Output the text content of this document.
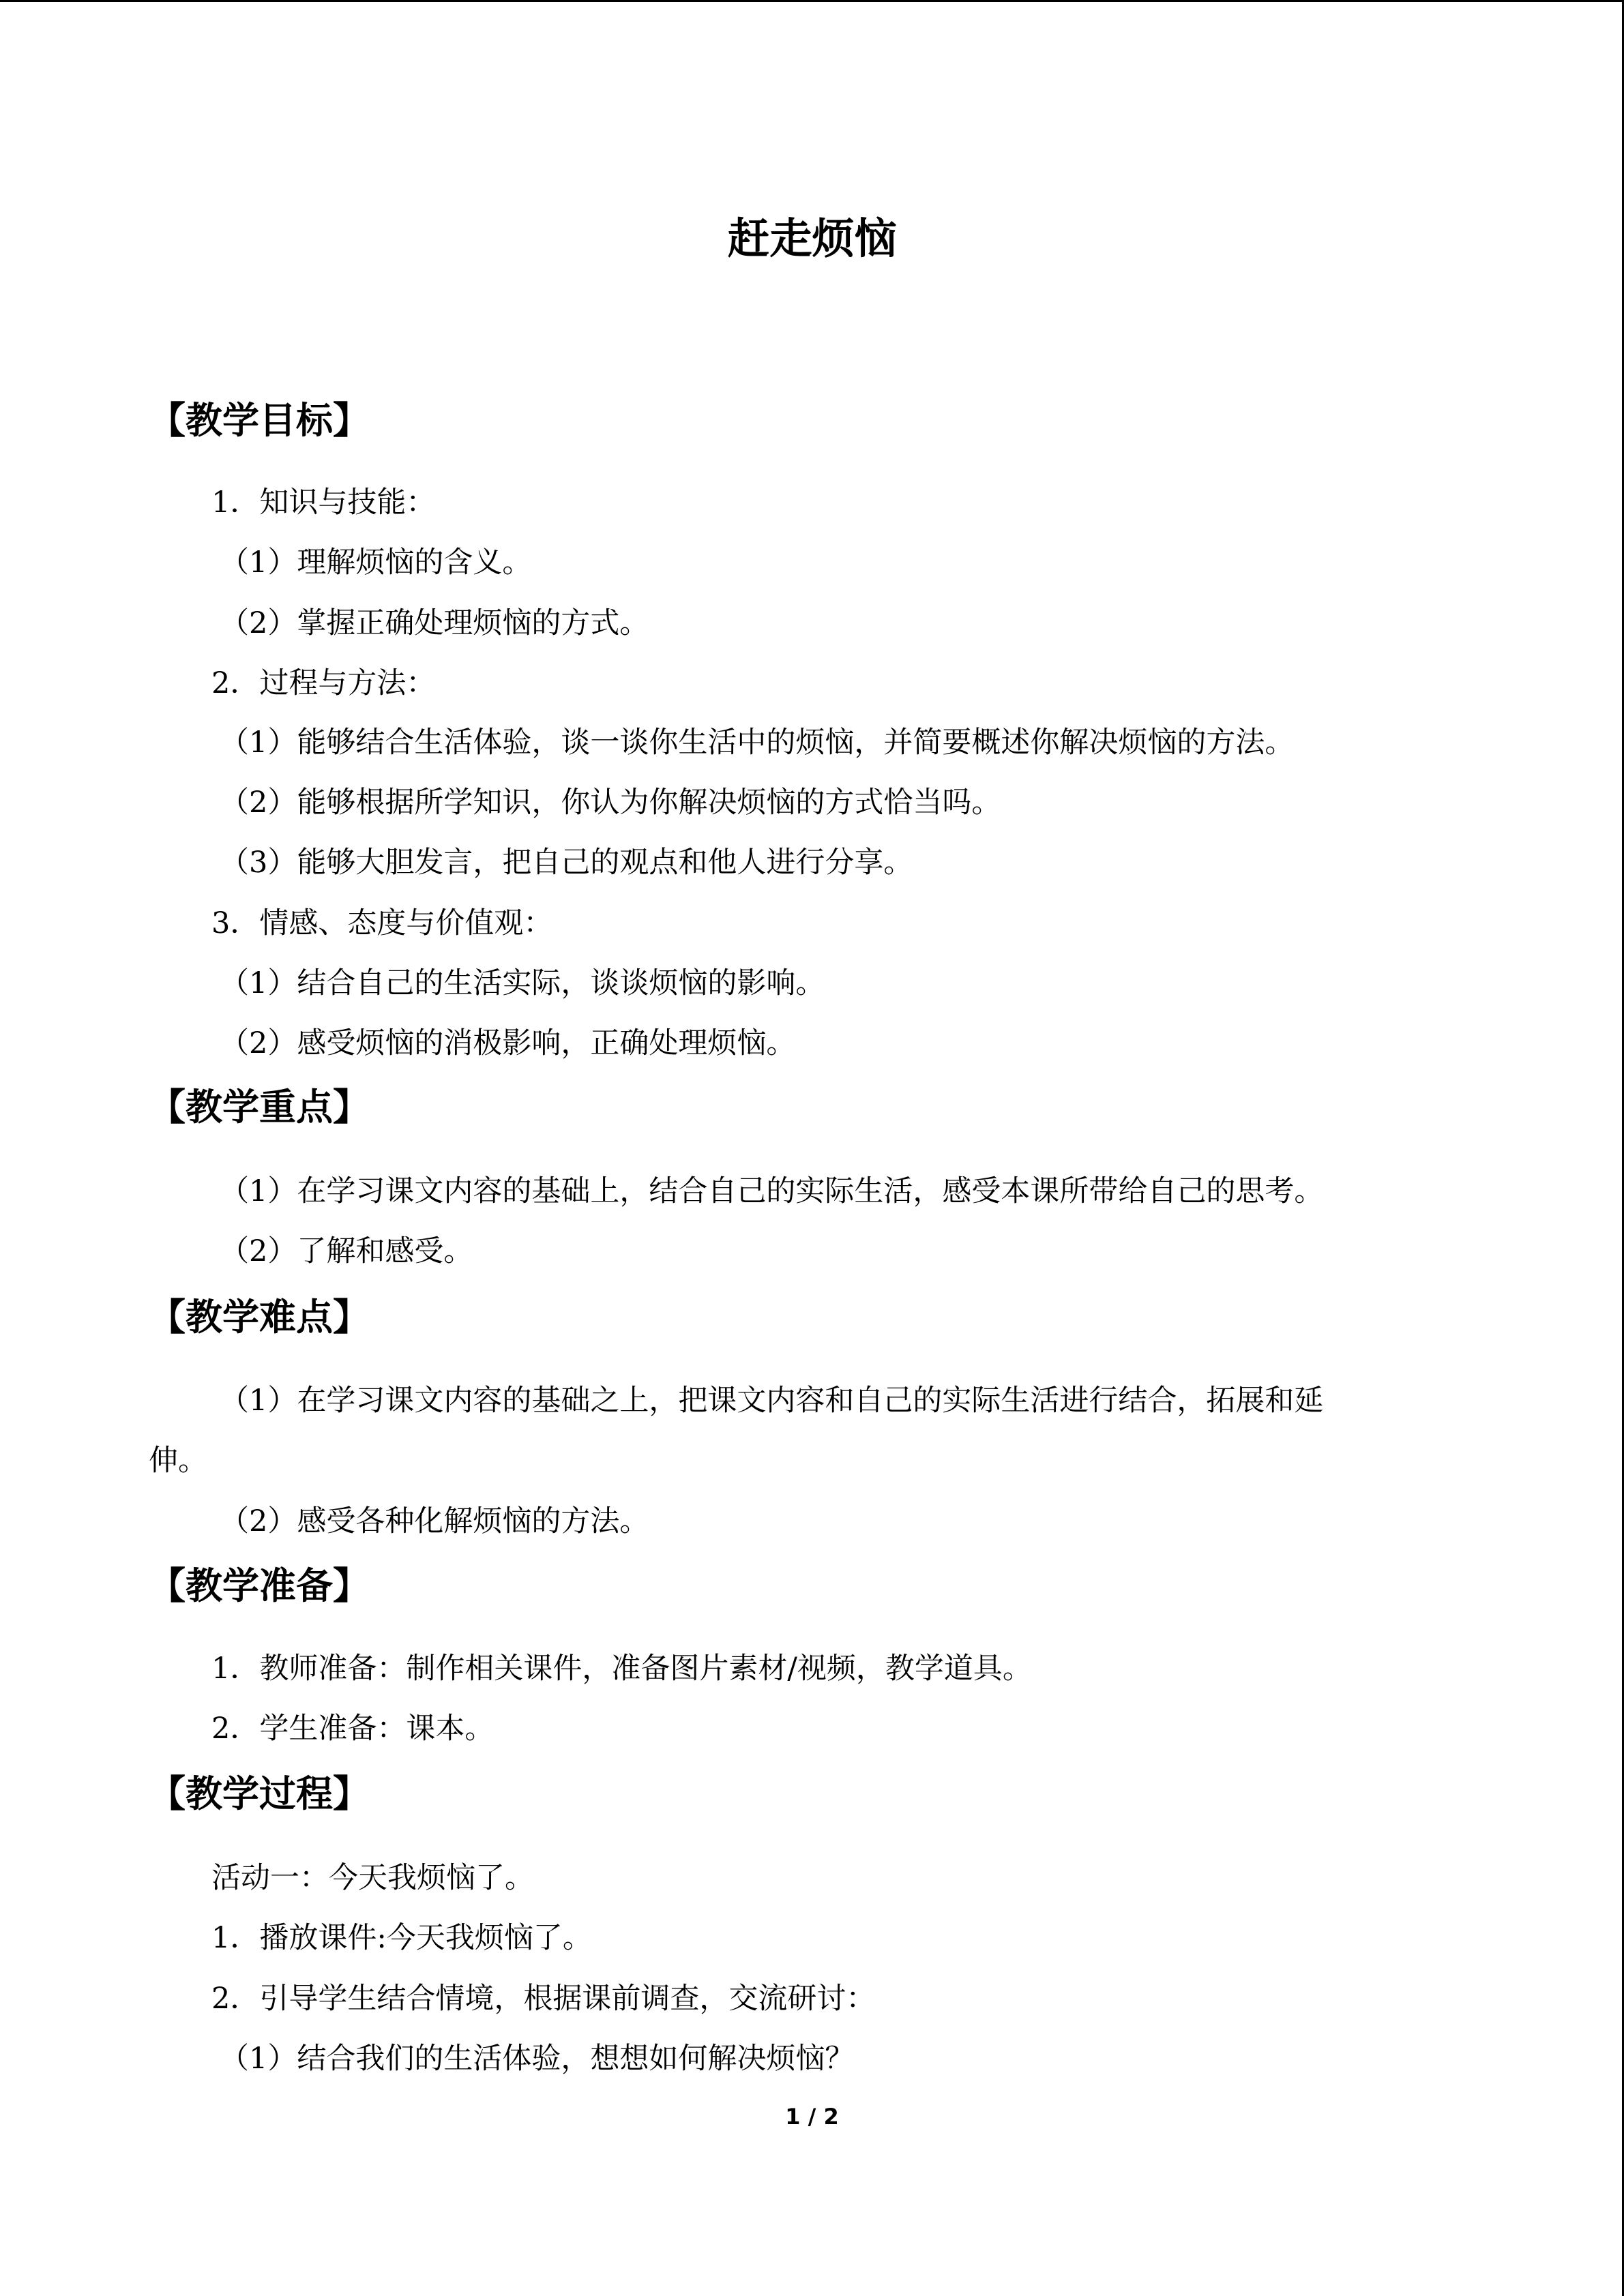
赶走烦恼
【教学目标】
1．知识与技能：
（1）理解烦恼的含义。
（2）掌握正确处理烦恼的方式。
2．过程与方法：
（1）能够结合生活体验，谈一谈你生活中的烦恼，并简要概述你解决烦恼的方法。
（2）能够根据所学知识，你认为你解决烦恼的方式恰当吗。
（3）能够大胆发言，把自己的观点和他人进行分享。
3．情感、态度与价值观：
（1）结合自己的生活实际，谈谈烦恼的影响。
（2）感受烦恼的消极影响，正确处理烦恼。
【教学重点】
（1）在学习课文内容的基础上，结合自己的实际生活，感受本课所带给自己的思考。
（2）了解和感受。
【教学难点】
（1）在学习课文内容的基础之上，把课文内容和自己的实际生活进行结合，拓展和延
伸。
（2）感受各种化解烦恼的方法。
【教学准备】
1．教师准备：制作相关课件，准备图片素材/视频，教学道具。
2．学生准备：课本。
【教学过程】
活动一：今天我烦恼了。
1．播放课件:今天我烦恼了。
2．引导学生结合情境，根据课前调查，交流研讨：
（1）结合我们的生活体验，想想如何解决烦恼？
1 / 2
